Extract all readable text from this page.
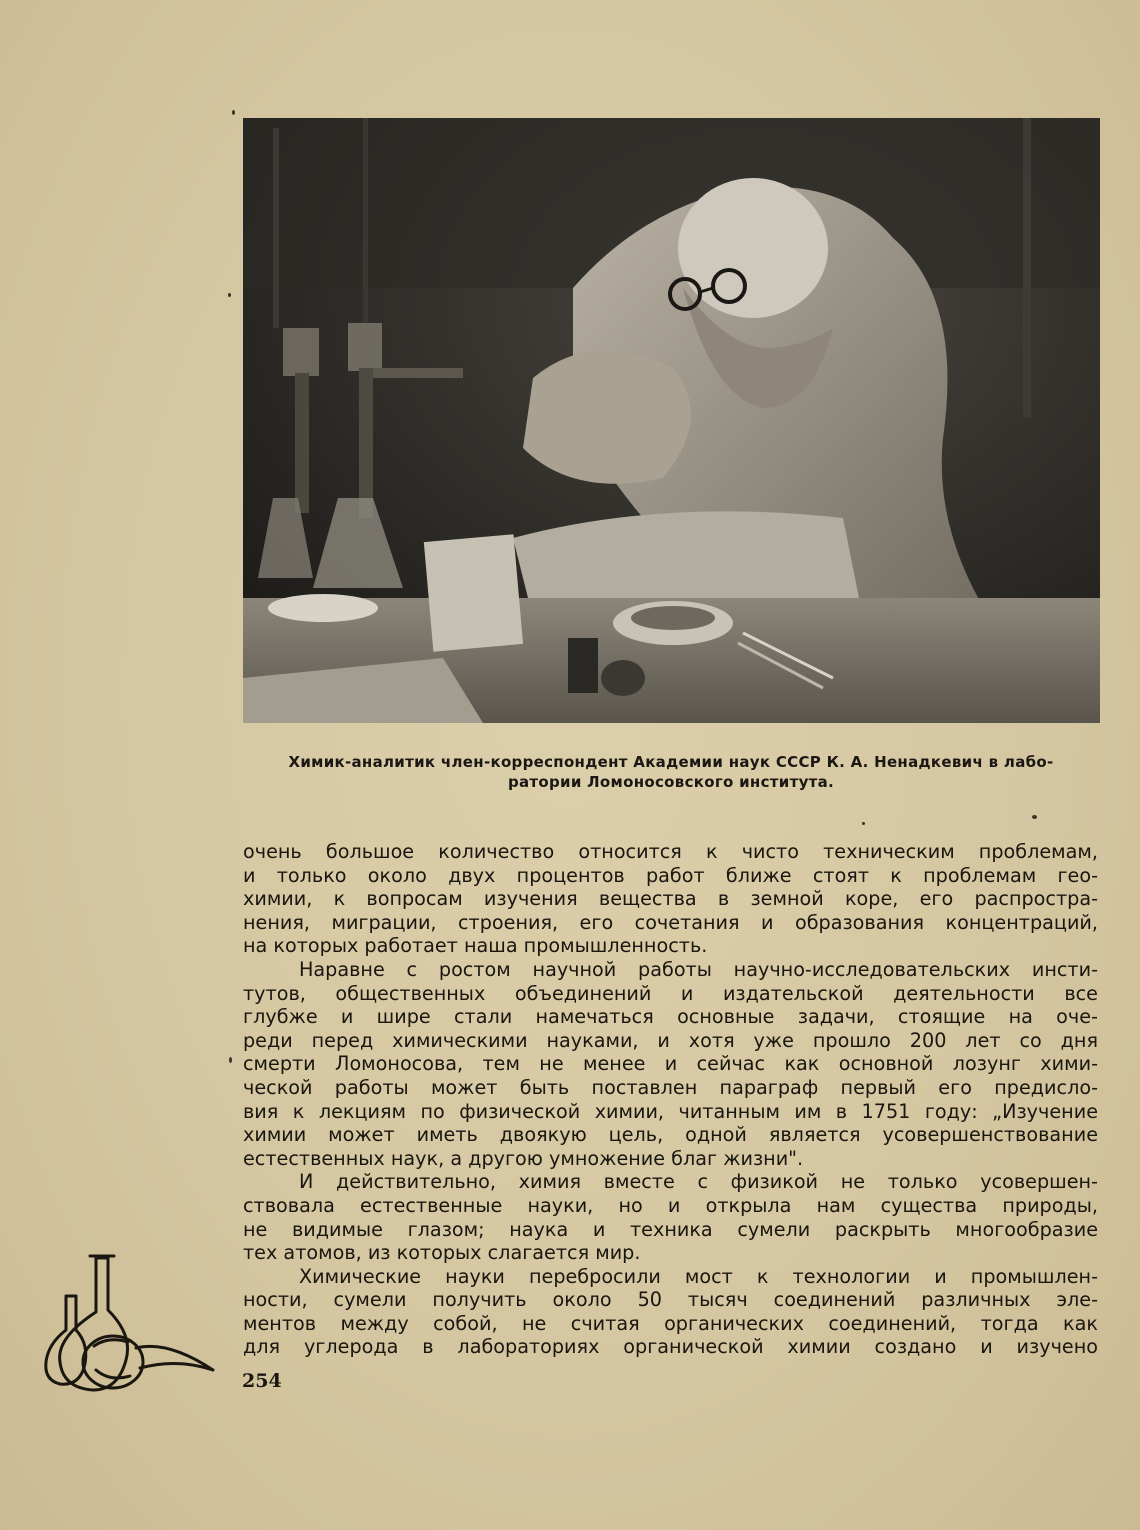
Химик-аналитик член-корреспондент Академии наук СССР К. А. Ненадкевич в лабо-
ратории Ломоносовского института.
очень большое количество относится к чисто техническим проблемам,
и только около двух процентов работ ближе стоят к проблемам гео-
химии, к вопросам изучения вещества в земной коре, его распростра-
нения, миграции, строения, его сочетания и образования концентраций,
на которых работает наша промышленность.
Наравне с ростом научной работы научно-исследовательских инсти-
тутов, общественных объединений и издательской деятельности все
глубже и шире стали намечаться основные задачи, стоящие на оче-
реди перед химическими науками, и хотя уже прошло 200 лет со дня
смерти Ломоносова, тем не менее и сейчас как основной лозунг хими-
ческой работы может быть поставлен параграф первый его предисло-
вия к лекциям по физической химии, читанным им в 1751 году: „Изучение
химии может иметь двоякую цель, одной является усовершенствование
естественных наук, а другою умножение благ жизни".
И действительно, химия вместе с физикой не только усовершен-
ствовала естественные науки, но и открыла нам существа природы,
не видимые глазом; наука и техника сумели раскрыть многообразие
тех атомов, из которых слагается мир.
Химические науки перебросили мост к технологии и промышлен-
ности, сумели получить около 50 тысяч соединений различных эле-
ментов между собой, не считая органических соединений, тогда как
для углерода в лабораториях органической химии создано и изучено
254
